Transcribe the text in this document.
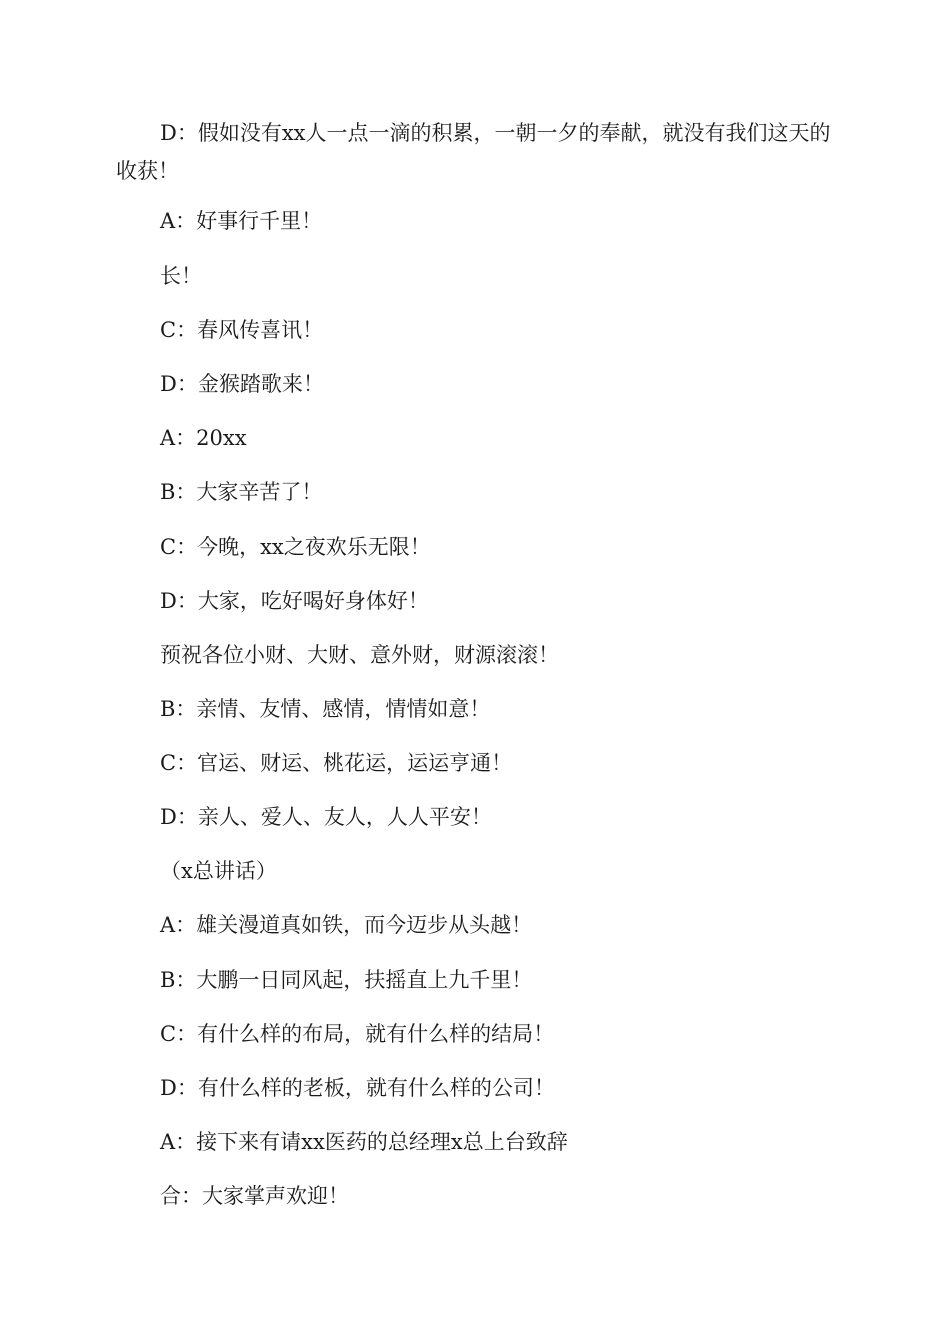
D：假如没有xx人一点一滴的积累，一朝一夕的奉献，就没有我们这天的收获！
A：好事行千里！
长！
C：春风传喜讯！
D：金猴踏歌来！
A：20xx
B：大家辛苦了！
C：今晚，xx之夜欢乐无限！
D：大家，吃好喝好身体好！
预祝各位小财、大财、意外财，财源滚滚！
B：亲情、友情、感情，情情如意！
C：官运、财运、桃花运，运运亨通！
D：亲人、爱人、友人，人人平安！
（x总讲话）
A：雄关漫道真如铁，而今迈步从头越！
B：大鹏一日同风起，扶摇直上九千里！
C：有什么样的布局，就有什么样的结局！
D：有什么样的老板，就有什么样的公司！
A：接下来有请xx医药的总经理x总上台致辞
合：大家掌声欢迎！
